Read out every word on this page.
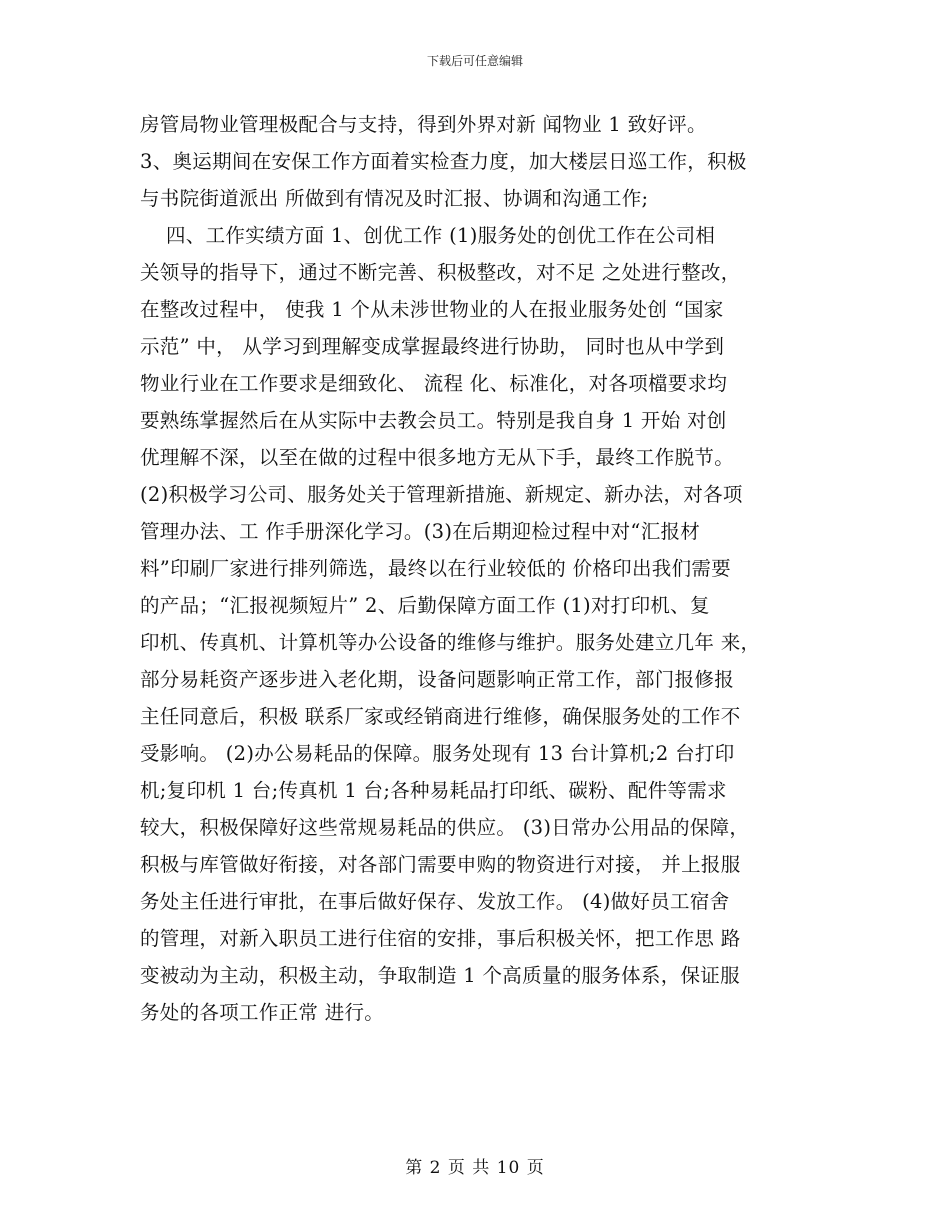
下载后可任意编辑
房管局物业管理极配合与支持，得到外界对新 闻物业 1 致好评。
3、奥运期间在安保工作方面着实检查力度，加大楼层日巡工作，积极
与书院街道派出 所做到有情况及时汇报、协调和沟通工作;
四、工作实绩方面 1、创优工作 (1)服务处的创优工作在公司相
关领导的指导下，通过不断完善、积极整改，对不足 之处进行整改，
在整改过程中， 使我 1 个从未涉世物业的人在报业服务处创 “国家
示范” 中， 从学习到理解变成掌握最终进行协助， 同时也从中学到
物业行业在工作要求是细致化、 流程 化、标准化，对各项檔要求均
要熟练掌握然后在从实际中去教会员工。特别是我自身 1 开始 对创
优理解不深，以至在做的过程中很多地方无从下手，最终工作脱节。
(2)积极学习公司、服务处关于管理新措施、新规定、新办法，对各项
管理办法、工 作手册深化学习。(3)在后期迎检过程中对“汇报材
料”印刷厂家进行排列筛选，最终以在行业较低的 价格印出我们需要
的产品；“汇报视频短片” 2、后勤保障方面工作 (1)对打印机、复
印机、传真机、计算机等办公设备的维修与维护。服务处建立几年 来，
部分易耗资产逐步进入老化期，设备问题影响正常工作，部门报修报
主任同意后，积极 联系厂家或经销商进行维修，确保服务处的工作不
受影响。 (2)办公易耗品的保障。服务处现有 13 台计算机;2 台打印
机;复印机 1 台;传真机 1 台;各种易耗品打印纸、碳粉、配件等需求
较大，积极保障好这些常规易耗品的供应。 (3)日常办公用品的保障，
积极与库管做好衔接，对各部门需要申购的物资进行对接， 并上报服
务处主任进行审批，在事后做好保存、发放工作。 (4)做好员工宿舍
的管理，对新入职员工进行住宿的安排，事后积极关怀，把工作思 路
变被动为主动，积极主动，争取制造 1 个高质量的服务体系，保证服
务处的各项工作正常 进行。
第 2 页 共 10 页
